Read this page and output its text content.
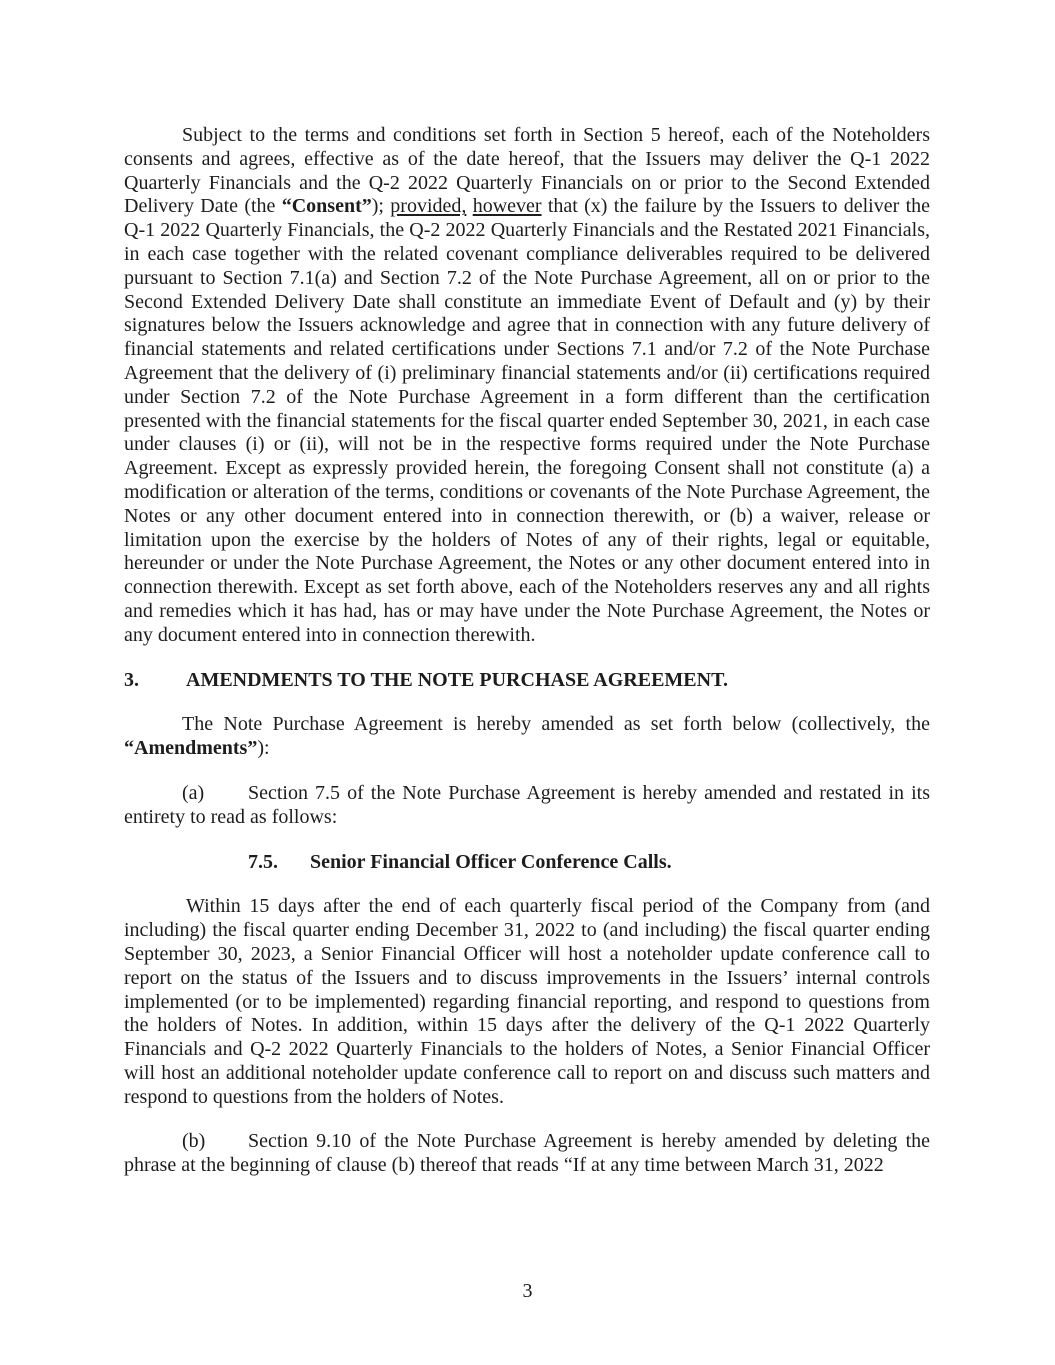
Subject to the terms and conditions set forth in Section 5 hereof, each of the Noteholders consents and agrees, effective as of the date hereof, that the Issuers may deliver the Q-1 2022 Quarterly Financials and the Q-2 2022 Quarterly Financials on or prior to the Second Extended Delivery Date (the “Consent”); provided, however that (x) the failure by the Issuers to deliver the Q-1 2022 Quarterly Financials, the Q-2 2022 Quarterly Financials and the Restated 2021 Financials, in each case together with the related covenant compliance deliverables required to be delivered pursuant to Section 7.1(a) and Section 7.2 of the Note Purchase Agreement, all on or prior to the Second Extended Delivery Date shall constitute an immediate Event of Default and (y) by their signatures below the Issuers acknowledge and agree that in connection with any future delivery of financial statements and related certifications under Sections 7.1 and/or 7.2 of the Note Purchase Agreement that the delivery of (i) preliminary financial statements and/or (ii) certifications required under Section 7.2 of the Note Purchase Agreement in a form different than the certification presented with the financial statements for the fiscal quarter ended September 30, 2021, in each case under clauses (i) or (ii), will not be in the respective forms required under the Note Purchase Agreement. Except as expressly provided herein, the foregoing Consent shall not constitute (a) a modification or alteration of the terms, conditions or covenants of the Note Purchase Agreement, the Notes or any other document entered into in connection therewith, or (b) a waiver, release or limitation upon the exercise by the holders of Notes of any of their rights, legal or equitable, hereunder or under the Note Purchase Agreement, the Notes or any other document entered into in connection therewith. Except as set forth above, each of the Noteholders reserves any and all rights and remedies which it has had, has or may have under the Note Purchase Agreement, the Notes or any document entered into in connection therewith.

3. AMENDMENTS TO THE NOTE PURCHASE AGREEMENT.

The Note Purchase Agreement is hereby amended as set forth below (collectively, the “Amendments”):

(a) Section 7.5 of the Note Purchase Agreement is hereby amended and restated in its entirety to read as follows:

7.5. Senior Financial Officer Conference Calls.

Within 15 days after the end of each quarterly fiscal period of the Company from (and including) the fiscal quarter ending December 31, 2022 to (and including) the fiscal quarter ending September 30, 2023, a Senior Financial Officer will host a noteholder update conference call to report on the status of the Issuers and to discuss improvements in the Issuers’ internal controls implemented (or to be implemented) regarding financial reporting, and respond to questions from the holders of Notes. In addition, within 15 days after the delivery of the Q-1 2022 Quarterly Financials and Q-2 2022 Quarterly Financials to the holders of Notes, a Senior Financial Officer will host an additional noteholder update conference call to report on and discuss such matters and respond to questions from the holders of Notes.

(b) Section 9.10 of the Note Purchase Agreement is hereby amended by deleting the phrase at the beginning of clause (b) thereof that reads “If at any time between March 31, 2022

3
